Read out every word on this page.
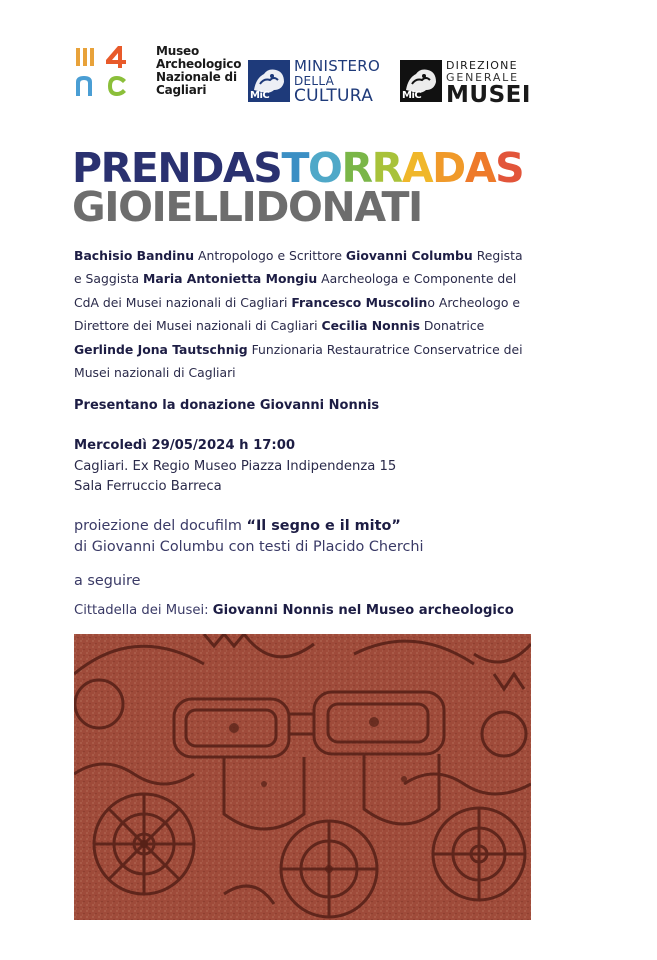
Museo
Archeologico
Nazionale di
Cagliari	MiC
MINISTERO
DELLA
CULTURA	MiC
DIREZIONE
GENERALE
MUSEI
PRENDASTORRADAS
GIOIELLIDONATI
Bachisio Bandinu Antropologo e Scrittore Giovanni Columbu Regista e Saggista Maria Antonietta Mongiu Aarcheologa e Componente del CdA dei Musei nazionali di Cagliari Francesco Muscolino Archeologo e Direttore dei Musei nazionali di Cagliari Cecilia Nonnis Donatrice Gerlinde Jona Tautschnig Funzionaria Restauratrice Conservatrice dei Musei nazionali di Cagliari
Presentano la donazione Giovanni Nonnis
Mercoledì 29/05/2024 h 17:00
Cagliari. Ex Regio Museo Piazza Indipendenza 15
Sala Ferruccio Barreca
proiezione del docufilm “Il segno e il mito”
di Giovanni Columbu con testi di Placido Cherchi
a seguire
Cittadella dei Musei: Giovanni Nonnis nel Museo archeologico
